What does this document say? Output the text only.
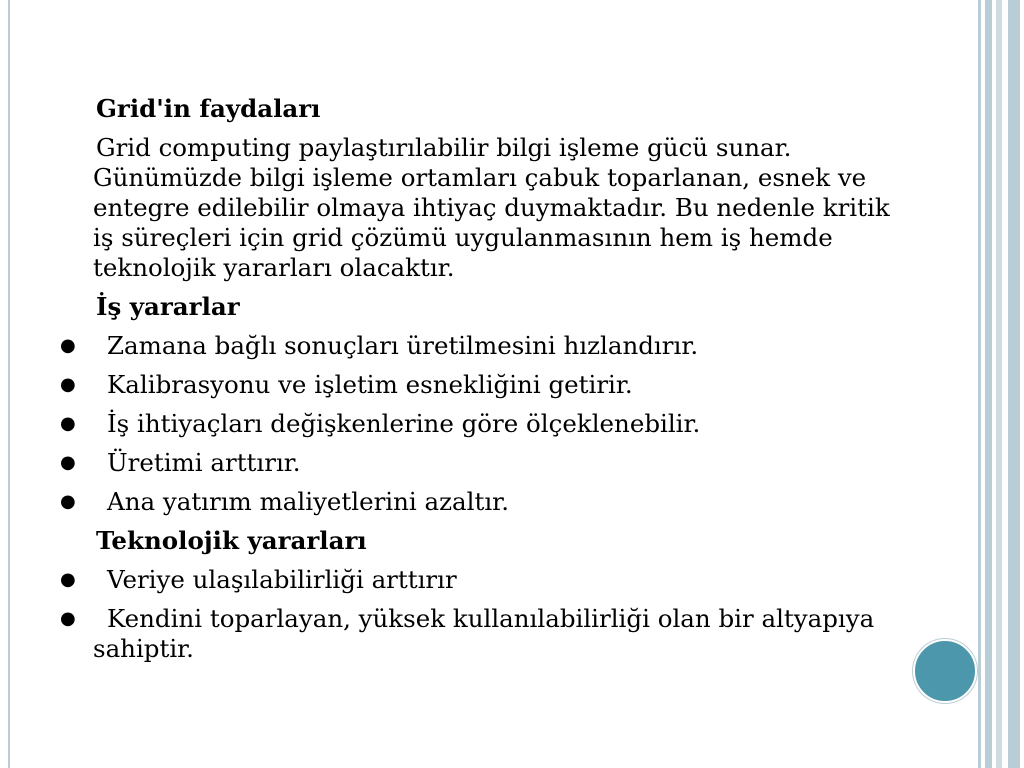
Grid'in faydaları
Grid computing paylaştırılabilir bilgi işleme gücü sunar. Günümüzde bilgi işleme ortamları çabuk toparlanan, esnek ve entegre edilebilir olmaya ihtiyaç duymaktadır. Bu nedenle kritik iş süreçleri için grid çözümü uygulanmasının hem iş hemde teknolojik yararları olacaktır.
İş yararlar
●	Zamana bağlı sonuçları üretilmesini hızlandırır.
●	Kalibrasyonu ve işletim esnekliğini getirir.
●	İş ihtiyaçları değişkenlerine göre ölçeklenebilir.
●	Üretimi arttırır.
●	Ana yatırım maliyetlerini azaltır.
Teknolojik yararları
●	Veriye ulaşılabilirliği arttırır
●	Kendini toparlayan, yüksek kullanılabilirliği olan bir altyapıya sahiptir.
